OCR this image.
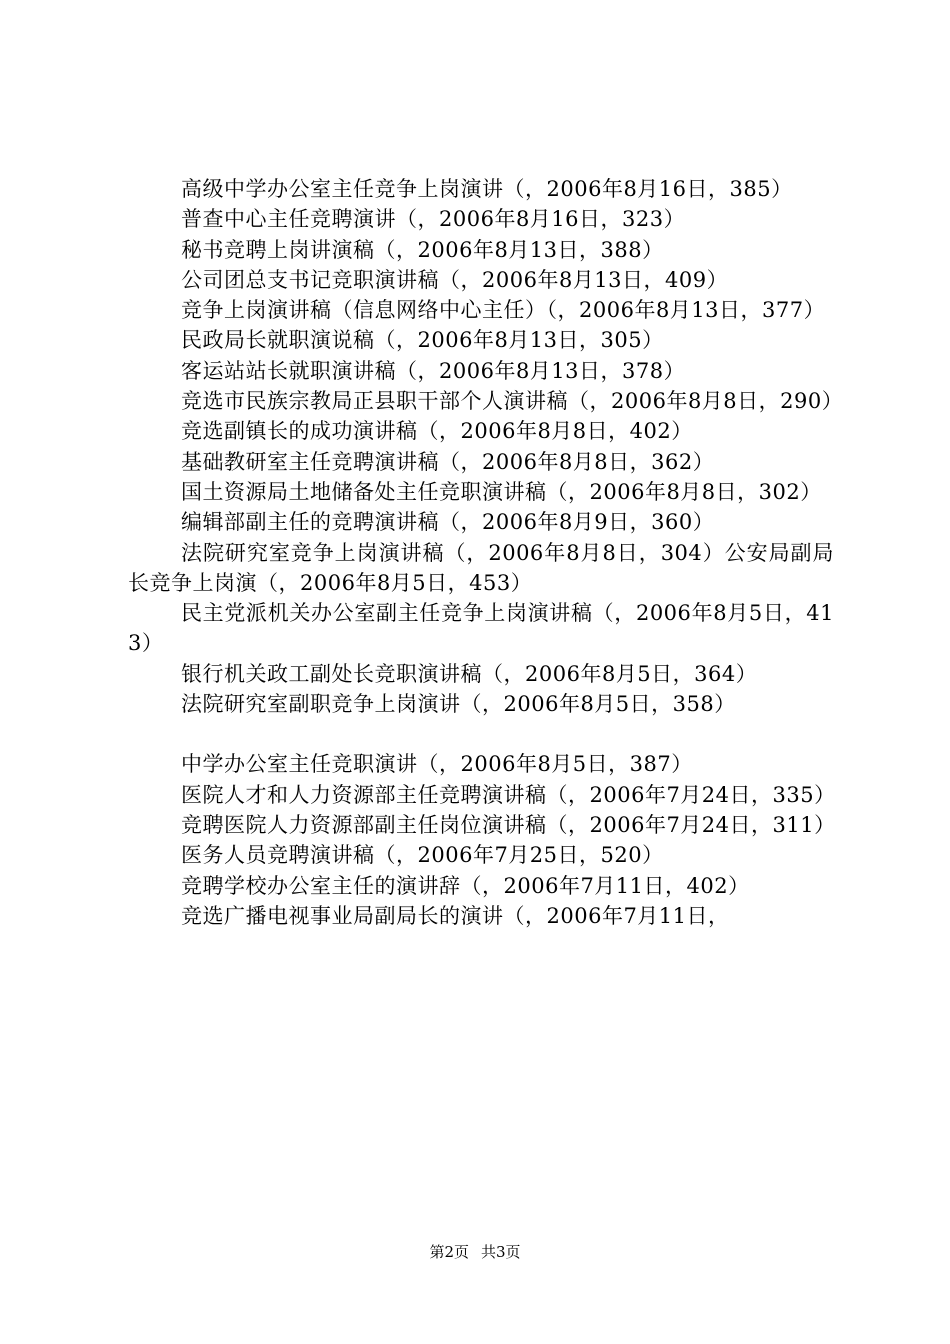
高级中学办公室主任竞争上岗演讲（，2006年8月16日，385）

普查中心主任竞聘演讲（，2006年8月16日，323）

秘书竞聘上岗讲演稿（，2006年8月13日，388）

公司团总支书记竞职演讲稿（，2006年8月13日，409）

竞争上岗演讲稿（信息网络中心主任）（，2006年8月13日，377）

民政局长就职演说稿（，2006年8月13日，305）

客运站站长就职演讲稿（，2006年8月13日，378）

竞选市民族宗教局正县职干部个人演讲稿（，2006年8月8日，290）

竞选副镇长的成功演讲稿（，2006年8月8日，402）

基础教研室主任竞聘演讲稿（，2006年8月8日，362）

国土资源局土地储备处主任竞职演讲稿（，2006年8月8日，302）

编辑部副主任的竞聘演讲稿（，2006年8月9日，360）

法院研究室竞争上岗演讲稿（，2006年8月8日，304）公安局副局长竞争上岗演（，2006年8月5日，453）

民主党派机关办公室副主任竞争上岗演讲稿（，2006年8月5日，413）

银行机关政工副处长竞职演讲稿（，2006年8月5日，364）

法院研究室副职竞争上岗演讲（，2006年8月5日，358）

中学办公室主任竞职演讲（，2006年8月5日，387）

医院人才和人力资源部主任竞聘演讲稿（，2006年7月24日，335）

竞聘医院人力资源部副主任岗位演讲稿（，2006年7月24日，311）

医务人员竞聘演讲稿（，2006年7月25日，520）

竞聘学校办公室主任的演讲辞（，2006年7月11日，402）

竞选广播电视事业局副局长的演讲（，2006年7月11日，

第2页 共3页
